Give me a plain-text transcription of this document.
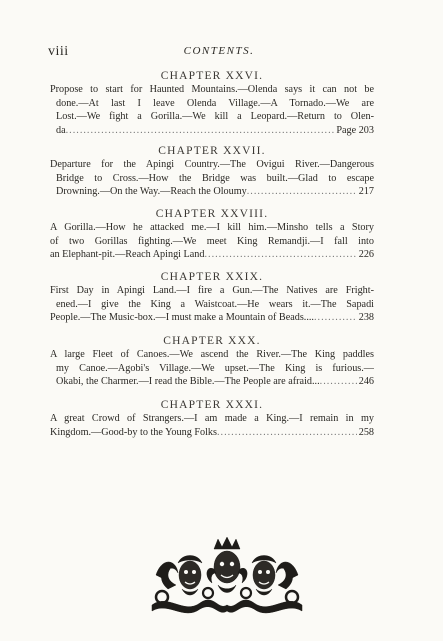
viii	CONTENTS.
CHAPTER XXVI.
Propose to start for Haunted Mountains.—Olenda says it can not be
done.—At last I leave Olenda Village.—A Tornado.—We are
Lost.—We fight a Gorilla.—We kill a Leopard.—Return to Olen-
da .....	Page 203
CHAPTER XXVII.
Departure for the Apingi Country.—The Ovigui River.—Dangerous
Bridge to Cross.—How the Bridge was built.—Glad to escape
Drowning.—On the Way.—Reach the Oloumy .....	217
CHAPTER XXVIII.
A Gorilla.—How he attacked me.—I kill him.—Minsho tells a Story
of two Gorillas fighting.—We meet King Remandji.—I fall into
an Elephant-pit.—Reach Apingi Land .....	226
CHAPTER XXIX.
First Day in Apingi Land.—I fire a Gun.—The Natives are Fright-
ened.—I give the King a Waistcoat.—He wears it.—The Sapadi
People.—The Music-box.—I must make a Mountain of Beads.... .....	238
CHAPTER XXX.
A large Fleet of Canoes.—We ascend the River.—The King paddles
my Canoe.—Agobi's Village.—We upset.—The King is furious.—
Okabi, the Charmer.—I read the Bible.—The People are afraid... .....	246
CHAPTER XXXI.
A great Crowd of Strangers.—I am made a King.—I remain in my
Kingdom.—Good-by to the Young Folks .....	258
